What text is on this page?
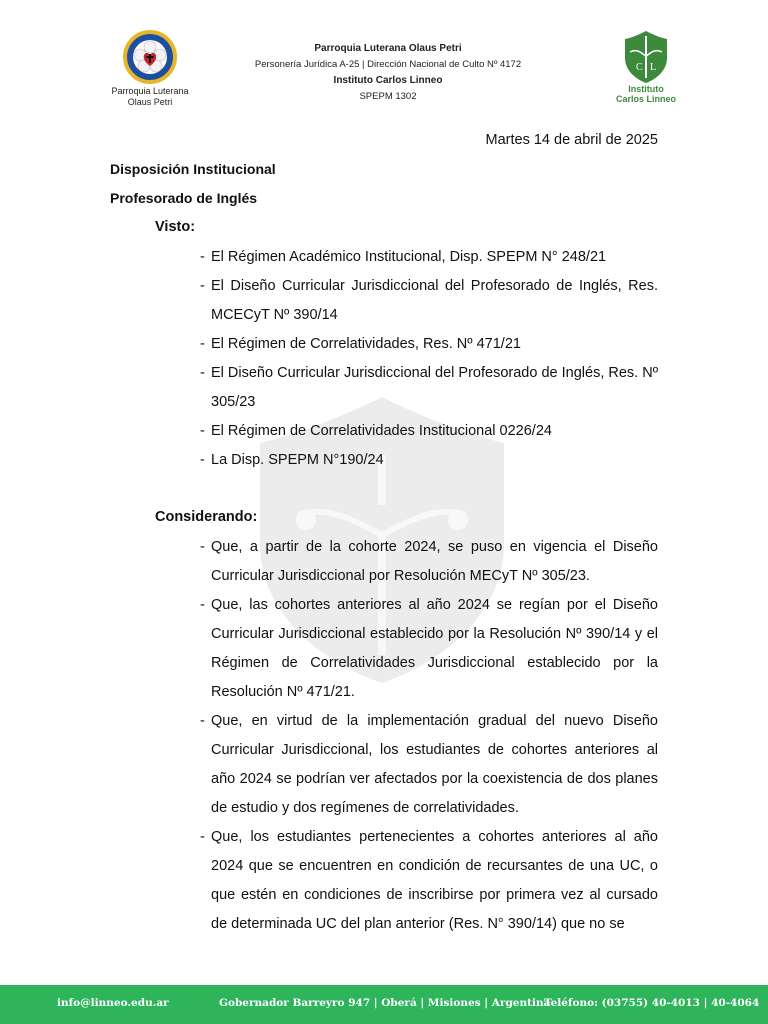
Parroquia Luterana
Olaus Petri
Parroquia Luterana Olaus Petri
Personería Jurídica A-25 | Dirección Nacional de Culto Nº 4172
Instituto Carlos Linneo
SPEPM 1302
C L
Instituto
Carlos Linneo
Martes 14 de abril de 2025
Disposición Institucional
Profesorado de Inglés
Visto:
- El Régimen Académico Institucional, Disp. SPEPM N° 248/21
- El Diseño Curricular Jurisdiccional del Profesorado de Inglés, Res. MCECyT Nº 390/14
- El Régimen de Correlatividades, Res. Nº 471/21
- El Diseño Curricular Jurisdiccional del Profesorado de Inglés, Res. Nº 305/23
- El Régimen de Correlatividades Institucional 0226/24
- La Disp. SPEPM N°190/24
Considerando:
- Que, a partir de la cohorte 2024, se puso en vigencia el Diseño Curricular Jurisdiccional por Resolución MECyT Nº 305/23.
- Que, las cohortes anteriores al año 2024 se regían por el Diseño Curricular Jurisdiccional establecido por la Resolución Nº 390/14 y el Régimen de Correlatividades Jurisdiccional establecido por la Resolución Nº 471/21.
- Que, en virtud de la implementación gradual del nuevo Diseño Curricular Jurisdiccional, los estudiantes de cohortes anteriores al año 2024 se podrían ver afectados por la coexistencia de dos planes de estudio y dos regímenes de correlatividades.
- Que, los estudiantes pertenecientes a cohortes anteriores al año 2024 que se encuentren en condición de recursantes de una UC, o que estén en condiciones de inscribirse por primera vez al cursado de determinada UC del plan anterior (Res. N° 390/14) que no se
info@linneo.edu.ar	Gobernador Barreyro 947 | Oberá | Misiones | Argentina
Teléfono: (03755) 40-4013 | 40-4064
